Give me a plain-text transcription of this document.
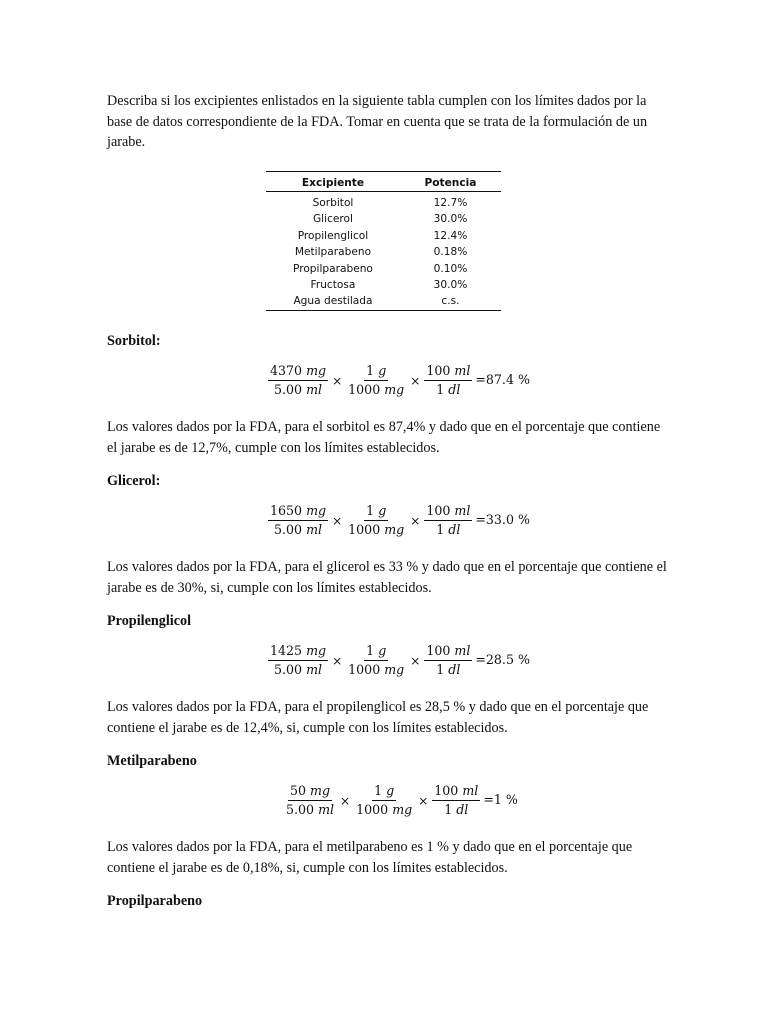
Describa si los excipientes enlistados en la siguiente tabla cumplen con los límites dados por la base de datos correspondiente de la FDA. Tomar en cuenta que se trata de la formulación de un jarabe.

Excipiente	Potencia
Sorbitol	12.7%
Glicerol	30.0%
Propilenglicol	12.4%
Metilparabeno	0.18%
Propilparabeno	0.10%
Fructosa	30.0%
Agua destilada	c.s.

Sorbitol:

$\frac{4370 mg}{5.00 ml} \times \frac{1 g}{1000 mg} \times \frac{100 ml}{1 dl} =87.4$ %

Los valores dados por la FDA, para el sorbitol es 87,4% y dado que en el porcentaje que contiene el jarabe es de 12,7%, cumple con los límites establecidos.

Glicerol:

$\frac{1650 mg}{5.00 ml} \times \frac{1 g}{1000 mg} \times \frac{100 ml}{1 dl} =33.0$ %

Los valores dados por la FDA, para el glicerol es 33 % y dado que en el porcentaje que contiene el jarabe es de 30%, si, cumple con los límites establecidos.

Propilenglicol

$\frac{1425 mg}{5.00 ml} \times \frac{1 g}{1000 mg} \times \frac{100 ml}{1 dl} =28.5$ %

Los valores dados por la FDA, para el propilenglicol es 28,5 % y dado que en el porcentaje que contiene el jarabe es de 12,4%, si, cumple con los límites establecidos.

Metilparabeno

$\frac{50 mg}{5.00 ml} \times \frac{1 g}{1000 mg} \times \frac{100 ml}{1 dl} =1$ %

Los valores dados por la FDA, para el metilparabeno es 1 % y dado que en el porcentaje que contiene el jarabe es de 0,18%, si, cumple con los límites establecidos.

Propilparabeno
